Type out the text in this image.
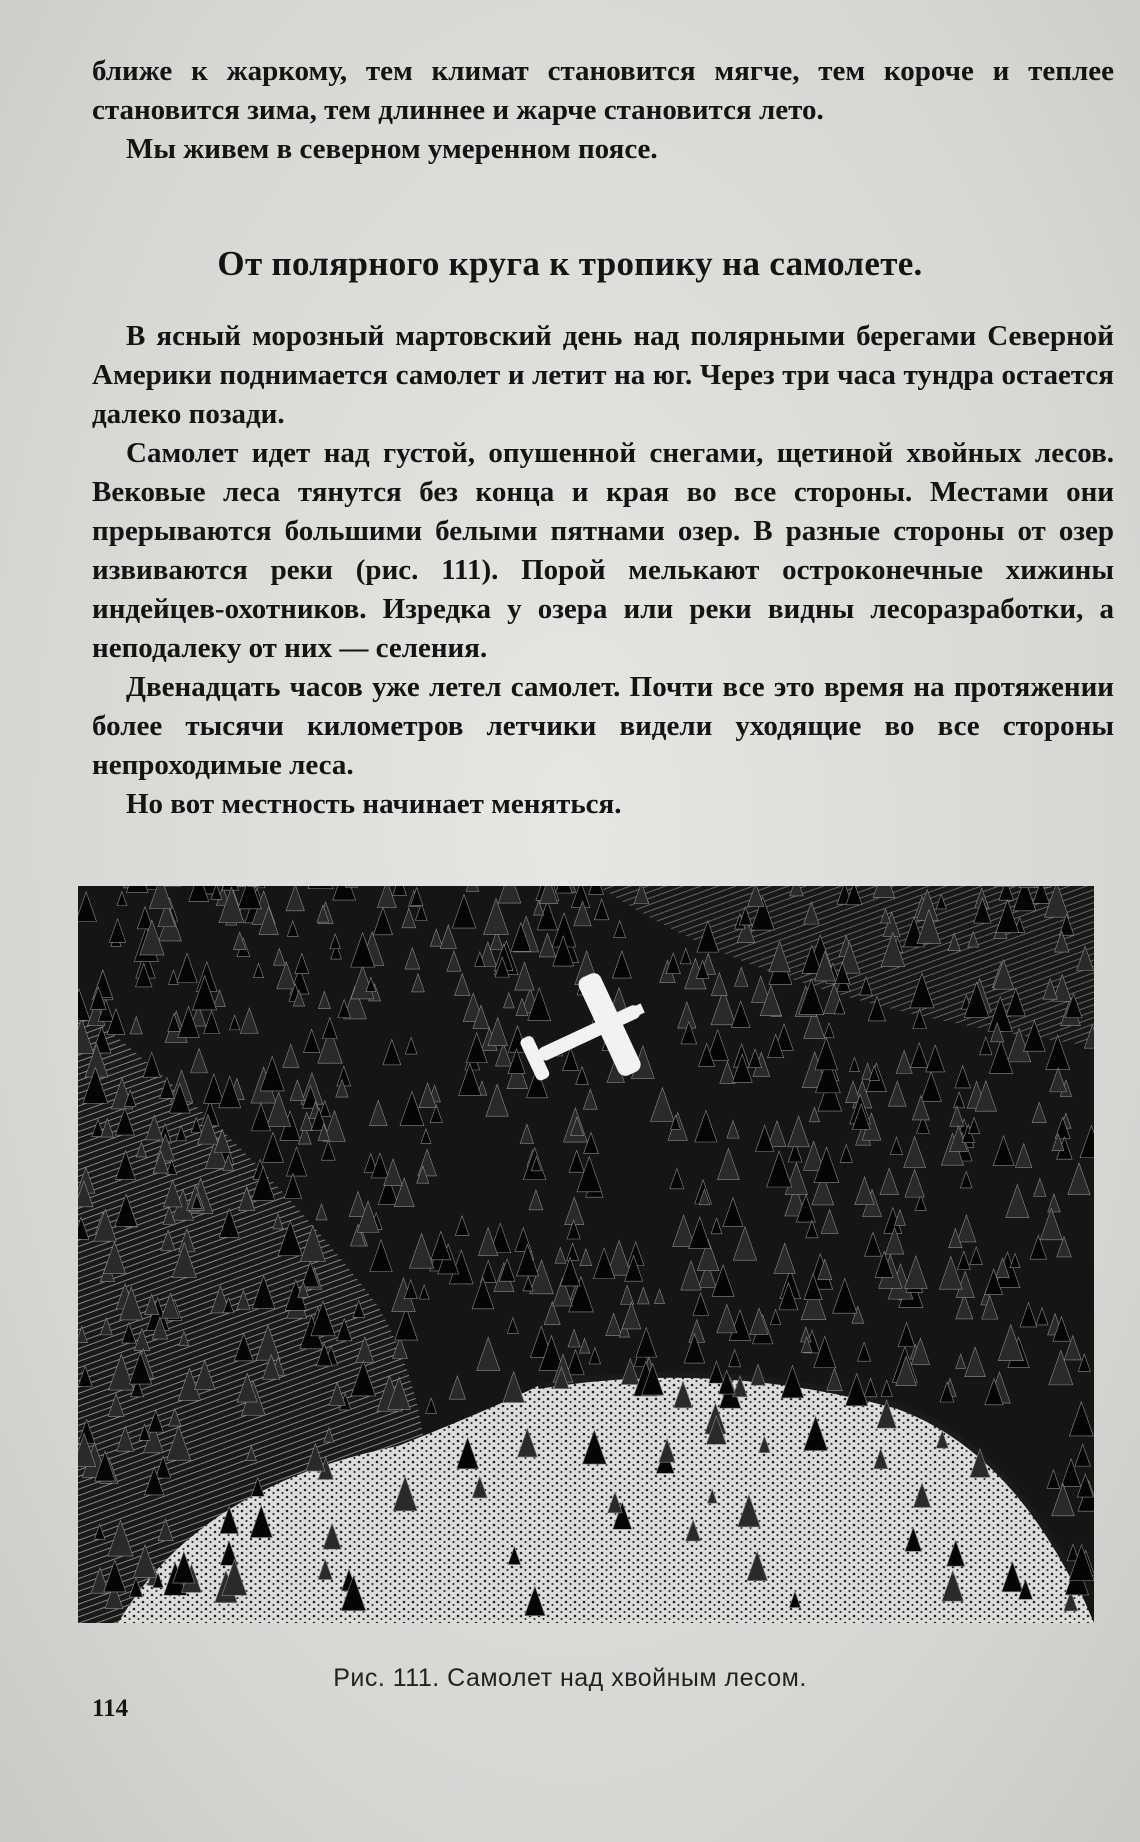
ближе к жаркому, тем климат становится мягче, тем короче и теплее становится зима, тем длиннее и жарче становится лето.

Мы живем в северном умеренном поясе.

От полярного круга к тропику на самолете.

В ясный морозный мартовский день над полярными берегами Северной Америки поднимается самолет и летит на юг. Через три часа тундра остается далеко позади.

Самолет идет над густой, опушенной снегами, щетиной хвойных лесов. Вековые леса тянутся без конца и края во все стороны. Местами они прерываются большими белыми пятнами озер. В разные стороны от озер извиваются реки (рис. 111). Порой мелькают остроконечные хижины индейцев-охотников. Изредка у озера или реки видны лесоразработки, а неподалеку от них — селения.

Двенадцать часов уже летел самолет. Почти все это время на протяжении более тысячи километров летчики видели уходящие во все стороны непроходимые леса.

Но вот местность начинает меняться.

Рис. 111. Самолет над хвойным лесом.
114
